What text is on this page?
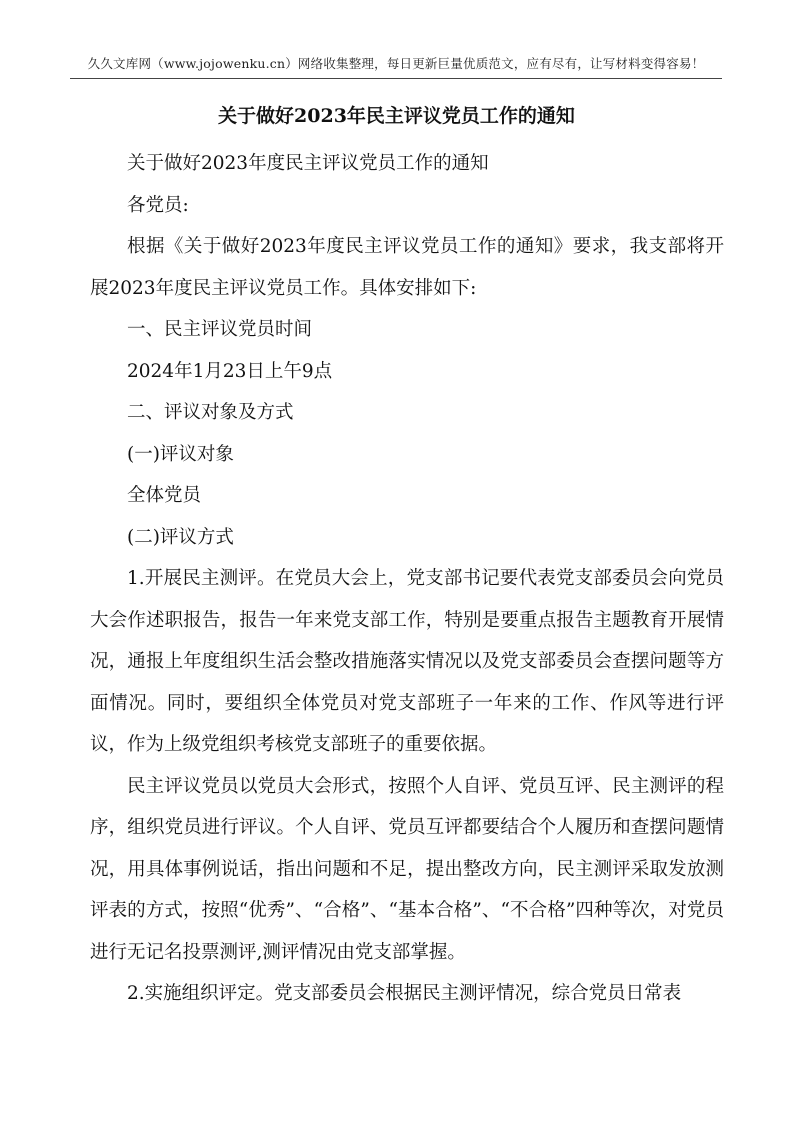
久久文库网（www.jojowenku.cn）网络收集整理，每日更新巨量优质范文，应有尽有，让写材料变得容易！
关于做好2023年民主评议党员工作的通知

关于做好2023年度民主评议党员工作的通知

各党员:

根据《关于做好2023年度民主评议党员工作的通知》要求，我支部将开展2023年度民主评议党员工作。具体安排如下:

一、民主评议党员时间

2024年1月23日上午9点

二、评议对象及方式

(一)评议对象

全体党员

(二)评议方式

1.开展民主测评。在党员大会上，党支部书记要代表党支部委员会向党员大会作述职报告，报告一年来党支部工作，特别是要重点报告主题教育开展情况，通报上年度组织生活会整改措施落实情况以及党支部委员会查摆问题等方面情况。同时，要组织全体党员对党支部班子一年来的工作、作风等进行评议，作为上级党组织考核党支部班子的重要依据。

民主评议党员以党员大会形式，按照个人自评、党员互评、民主测评的程序，组织党员进行评议。个人自评、党员互评都要结合个人履历和查摆问题情况，用具体事例说话，指出问题和不足，提出整改方向，民主测评采取发放测评表的方式，按照“优秀”、“合格”、“基本合格”、“不合格”四种等次，对党员进行无记名投票测评,测评情况由党支部掌握。

2.实施组织评定。党支部委员会根据民主测评情况，综合党员日常表
